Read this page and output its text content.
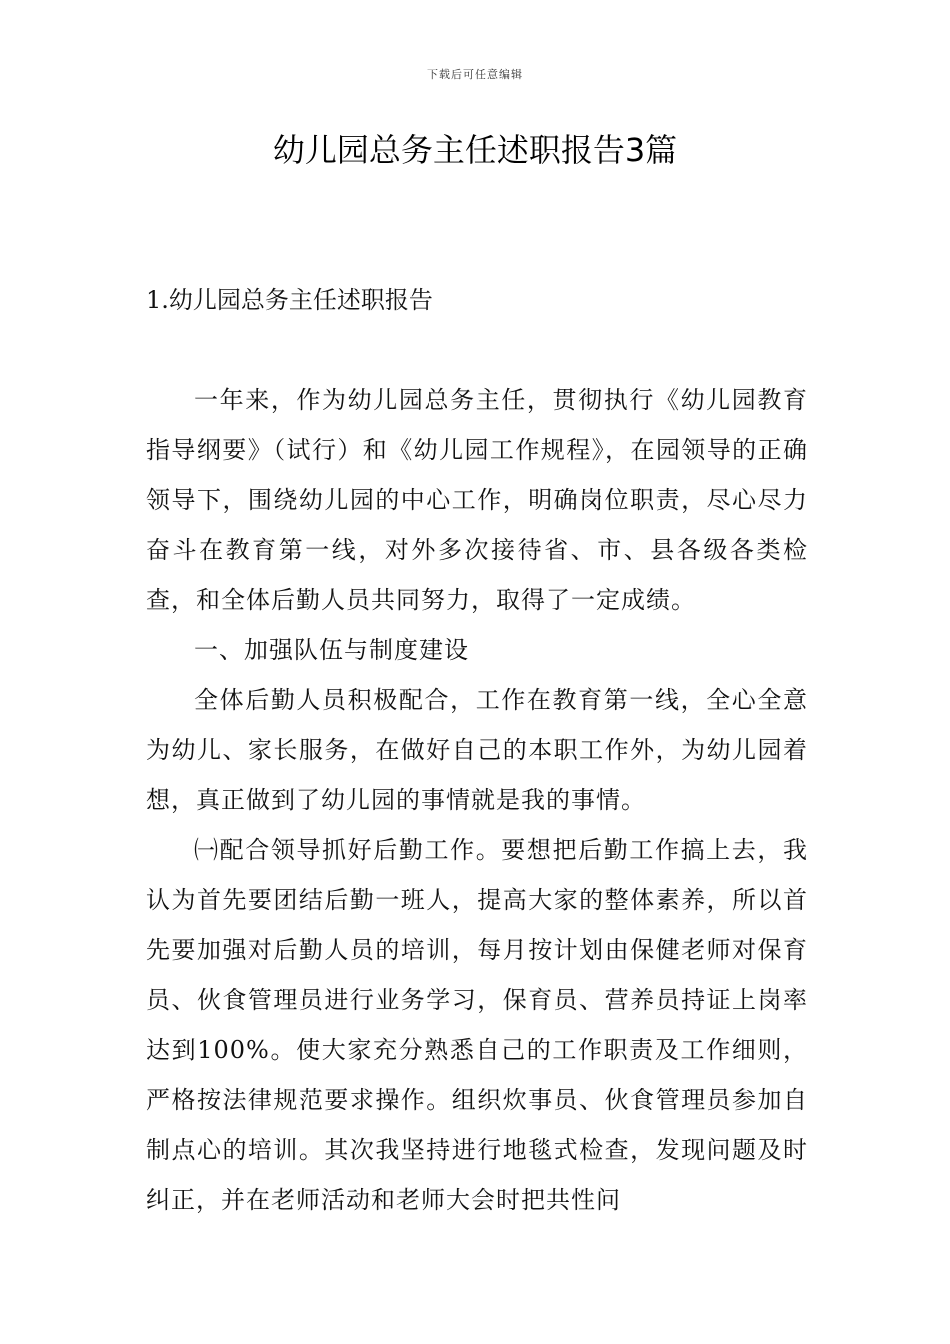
下载后可任意编辑
幼儿园总务主任述职报告3篇
1.幼儿园总务主任述职报告

一年来，作为幼儿园总务主任，贯彻执行《幼儿园教育指导纲要》（试行）和《幼儿园工作规程》，在园领导的正确领导下，围绕幼儿园的中心工作，明确岗位职责，尽心尽力奋斗在教育第一线，对外多次接待省、市、县各级各类检查，和全体后勤人员共同努力，取得了一定成绩。

一、加强队伍与制度建设

全体后勤人员积极配合，工作在教育第一线，全心全意为幼儿、家长服务，在做好自己的本职工作外，为幼儿园着想，真正做到了幼儿园的事情就是我的事情。

㈠配合领导抓好后勤工作。要想把后勤工作搞上去，我认为首先要团结后勤一班人，提高大家的整体素养，所以首先要加强对后勤人员的培训，每月按计划由保健老师对保育员、伙食管理员进行业务学习，保育员、营养员持证上岗率达到100%。使大家充分熟悉自己的工作职责及工作细则，严格按法律规范要求操作。组织炊事员、伙食管理员参加自制点心的培训。其次我坚持进行地毯式检查，发现问题及时纠正，并在老师活动和老师大会时把共性问
